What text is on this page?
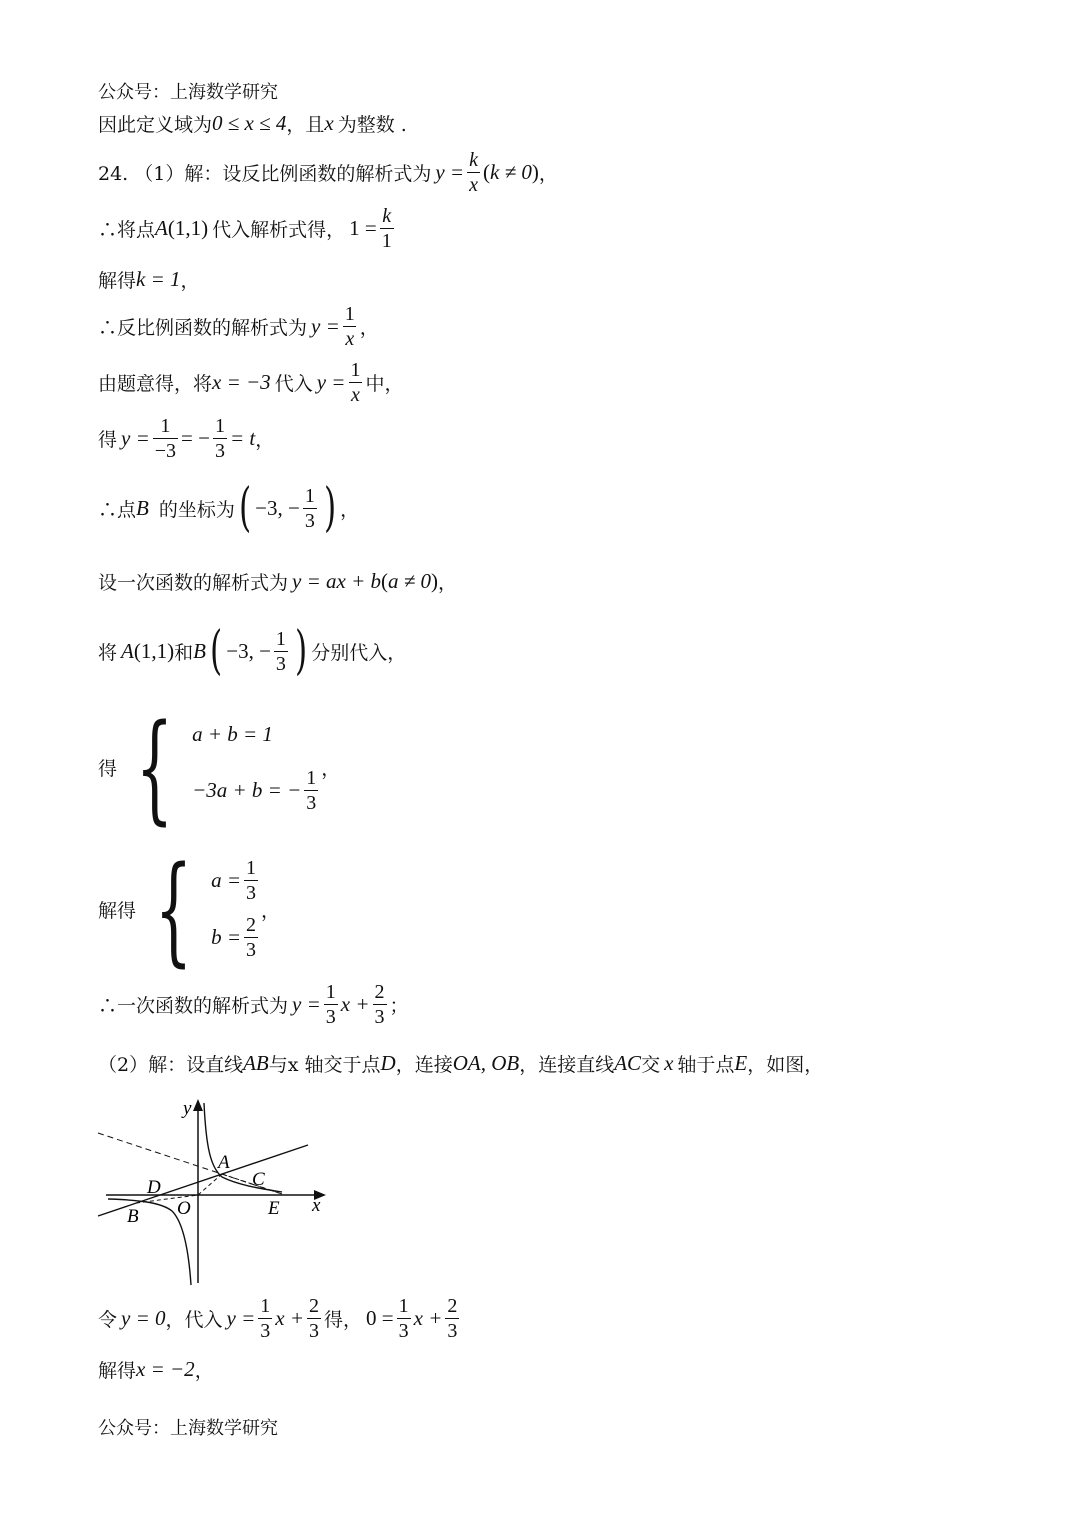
公众号：上海数学研究
因此定义域为 0 ≤ x ≤ 4 ，且 x 为整数 .
24. （1）解：设反比例函数的解析式为 $y = \frac{k}{x}$ ( k ≠ 0 ) ，
∴将点 A ( 1,1 ) 代入解析式得， $1 = \frac{k}{1}$
解得 k = 1 ，
∴反比例函数的解析式为 $y = \frac{1}{x}$ ，
由题意得，将 x = −3 代入 $y = \frac{1}{x}$ 中，
得 $y = \frac{1}{-3}$ = − $\frac{1}{3} = t$ ，
∴点 B 的坐标为 ( −3, − $\frac{1}{3}$ ) ，
设一次函数的解析式为 y = ax + b ( a ≠ 0 ) ，
将 A ( 1,1 ) 和 B ( −3, − $\frac{1}{3}$ ) 分别代入，
得 { a + b = 1
−3a + b = − $\frac{1}{3}$ ，
解得 { $a = \frac{1}{3}$
$b = \frac{2}{3}$
，
∴一次函数的解析式为 $y = \frac{1}{3}$ $x + \frac{2}{3}$ ；
（2）解：设直线 AB 与x 轴交于点 D ，连接 OA, OB ，连接直线 AC 交 x 轴于点 E ，如图，
y
x
A
C
D
B O	E
令 y = 0 ，代入 $y = \frac{1}{3}$ $x + \frac{2}{3}$ 得， $0 = \frac{1}{3}$ $x + \frac{2}{3}$
解得 x = −2 ，
公众号：上海数学研究
